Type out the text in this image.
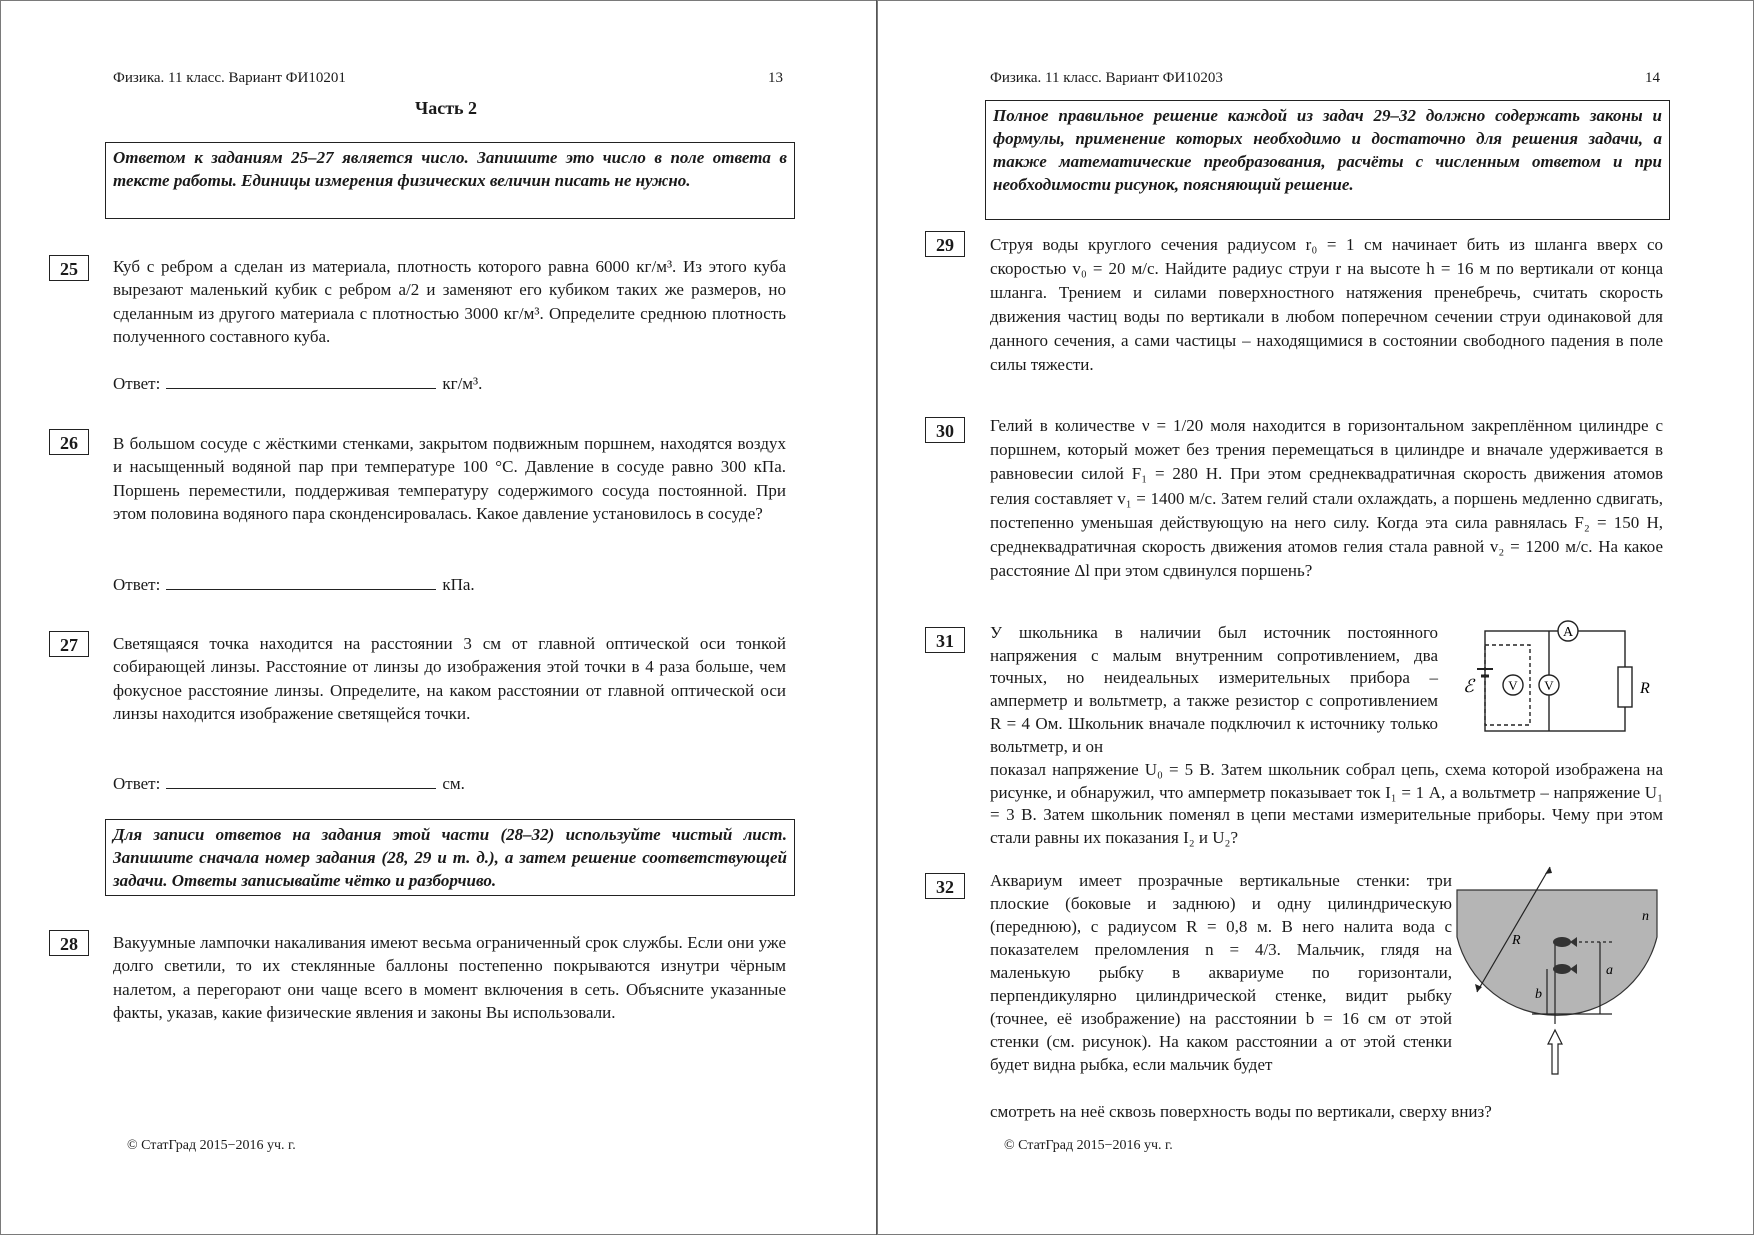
Физика. 11 класс. Вариант ФИ10201	13
Часть 2
Ответом к заданиям 25–27 является число. Запишите это число в поле ответа в тексте работы. Единицы измерения физических величин писать не нужно.
25	Куб с ребром a сделан из материала, плотность которого равна 6000 кг/м³. Из этого куба вырезают маленький кубик с ребром a/2 и заменяют его кубиком таких же размеров, но сделанным из другого материала с плотностью 3000 кг/м³. Определите среднюю плотность полученного составного куба.
Ответ:	кг/м³.
26	В большом сосуде с жёсткими стенками, закрытом подвижным поршнем, находятся воздух и насыщенный водяной пар при температуре 100 °С. Давление в сосуде равно 300 кПа. Поршень переместили, поддерживая температуру содержимого сосуда постоянной. При этом половина водяного пара сконденсировалась. Какое давление установилось в сосуде?
Ответ:	кПа.
27	Светящаяся точка находится на расстоянии 3 см от главной оптической оси тонкой собирающей линзы. Расстояние от линзы до изображения этой точки в 4 раза больше, чем фокусное расстояние линзы. Определите, на каком расстоянии от главной оптической оси линзы находится изображение светящейся точки.
Ответ:	см.
Для записи ответов на задания этой части (28–32) используйте чистый лист. Запишите сначала номер задания (28, 29 и т. д.), а затем решение соответствующей задачи. Ответы записывайте чётко и разборчиво.
28	Вакуумные лампочки накаливания имеют весьма ограниченный срок службы. Если они уже долго светили, то их стеклянные баллоны постепенно покрываются изнутри чёрным налетом, а перегорают они чаще всего в момент включения в сеть. Объясните указанные факты, указав, какие физические явления и законы Вы использовали.
© СтатГрад 2015−2016 уч. г.
Физика. 11 класс. Вариант ФИ10203	14
Полное правильное решение каждой из задач 29–32 должно содержать законы и формулы, применение которых необходимо и достаточно для решения задачи, а также математические преобразования, расчёты с численным ответом и при необходимости рисунок, поясняющий решение.
29	Струя воды круглого сечения радиусом r₀ = 1 см начинает бить из шланга вверх со скоростью v₀ = 20 м/с. Найдите радиус струи r на высоте h = 16 м по вертикали от конца шланга. Трением и силами поверхностного натяжения пренебречь, считать скорость движения частиц воды по вертикали в любом поперечном сечении струи одинаковой для данного сечения, а сами частицы – находящимися в состоянии свободного падения в поле силы тяжести.
30	Гелий в количестве ν = 1/20 моля находится в горизонтальном закреплённом цилиндре с поршнем, который может без трения перемещаться в цилиндре и вначале удерживается в равновесии силой F₁ = 280 Н. При этом среднеквадратичная скорость движения атомов гелия составляет v₁ = 1400 м/с. Затем гелий стали охлаждать, а поршень медленно сдвигать, постепенно уменьшая действующую на него силу. Когда эта сила равнялась F₂ = 150 Н, среднеквадратичная скорость движения атомов гелия стала равной v₂ = 1200 м/с. На какое расстояние Δl при этом сдвинулся поршень?
31	У школьника в наличии был источник постоянного напряжения с малым внутренним сопротивлением, два точных, но неидеальных измерительных прибора – амперметр и вольтметр, а также резистор с сопротивлением R = 4 Ом. Школьник вначале подключил к источнику только вольтметр, и он
показал напряжение U₀ = 5 В. Затем школьник собрал цепь, схема которой изображена на рисунке, и обнаружил, что амперметр показывает ток I₁ = 1 А, а вольтметр – напряжение U₁ = 3 В. Затем школьник поменял в цепи местами измерительные приборы. Чему при этом стали равны их показания I₂ и U₂?
A
V V
ℰ	R
32	Аквариум имеет прозрачные вертикальные стенки: три плоские (боковые и заднюю) и одну цилиндрическую (переднюю), с радиусом R = 0,8 м. В него налита вода с показателем преломления n = 4/3. Мальчик, глядя на маленькую рыбку в аквариуме по горизонтали, перпендикулярно цилиндрической стенке, видит рыбку (точнее, её изображение) на расстоянии b = 16 см от этой стенки (см. рисунок). На каком расстоянии a от этой стенки будет видна рыбка, если мальчик будет
смотреть на неё сквозь поверхность воды по вертикали, сверху вниз?
R
n
a
b
© СтатГрад 2015−2016 уч. г.
